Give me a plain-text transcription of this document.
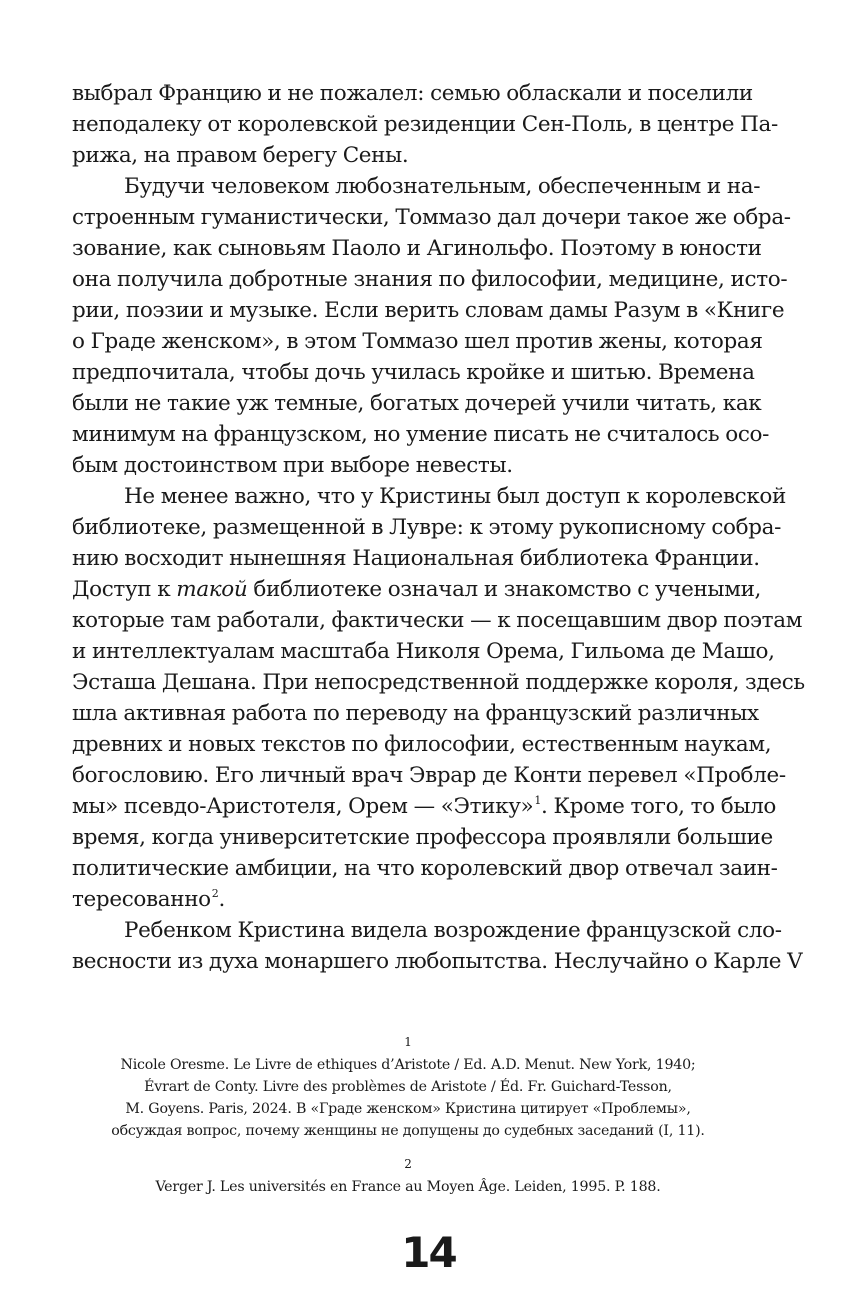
выбрал Францию и не пожалел: семью обласкали и поселили
неподалеку от королевской резиденции Сен-Поль, в центре Па-
рижа, на правом берегу Сены.
Будучи человеком любознательным, обеспеченным и на-
строенным гуманистически, Томмазо дал дочери такое же обра-
зование, как сыновьям Паоло и Агинольфо. Поэтому в юности
она получила добротные знания по философии, медицине, исто-
рии, поэзии и музыке. Если верить словам дамы Разум в «Книге
о Граде женском», в этом Томмазо шел против жены, которая
предпочитала, чтобы дочь училась кройке и шитью. Времена
были не такие уж темные, богатых дочерей учили читать, как
минимум на французском, но умение писать не считалось осо-
бым достоинством при выборе невесты.
Не менее важно, что у Кристины был доступ к королевской
библиотеке, размещенной в Лувре: к этому рукописному собра-
нию восходит нынешняя Национальная библиотека Франции.
Доступ к такой библиотеке означал и знакомство с учеными,
которые там работали, фактически — к посещавшим двор поэтам
и интеллектуалам масштаба Николя Орема, Гильома де Машо,
Эсташа Дешана. При непосредственной поддержке короля, здесь
шла активная работа по переводу на французский различных
древних и новых текстов по философии, естественным наукам,
богословию. Его личный врач Эврар де Конти перевел «Пробле-
мы» псевдо-Аристотеля, Орем — «Этику»$^1$. Кроме того, то было
время, когда университетские профессора проявляли большие
политические амбиции, на что королевский двор отвечал заин-
тересованно$^2$.
Ребенком Кристина видела возрождение французской сло-
весности из духа монаршего любопытства. Неслучайно о Карле V
1
Nicole Oresme. Le Livre de ethiques d’Aristote / Ed. A.D. Menut. New York, 1940;
Évrart de Conty. Livre des problèmes de Aristote / Éd. Fr. Guichard-Tesson,
M. Goyens. Paris, 2024. В «Граде женском» Кристина цитирует «Проблемы»,
обсуждая вопрос, почему женщины не допущены до судебных заседаний (I, 11).
2
Verger J. Les universités en France au Moyen Âge. Leiden, 1995. P. 188.
14
